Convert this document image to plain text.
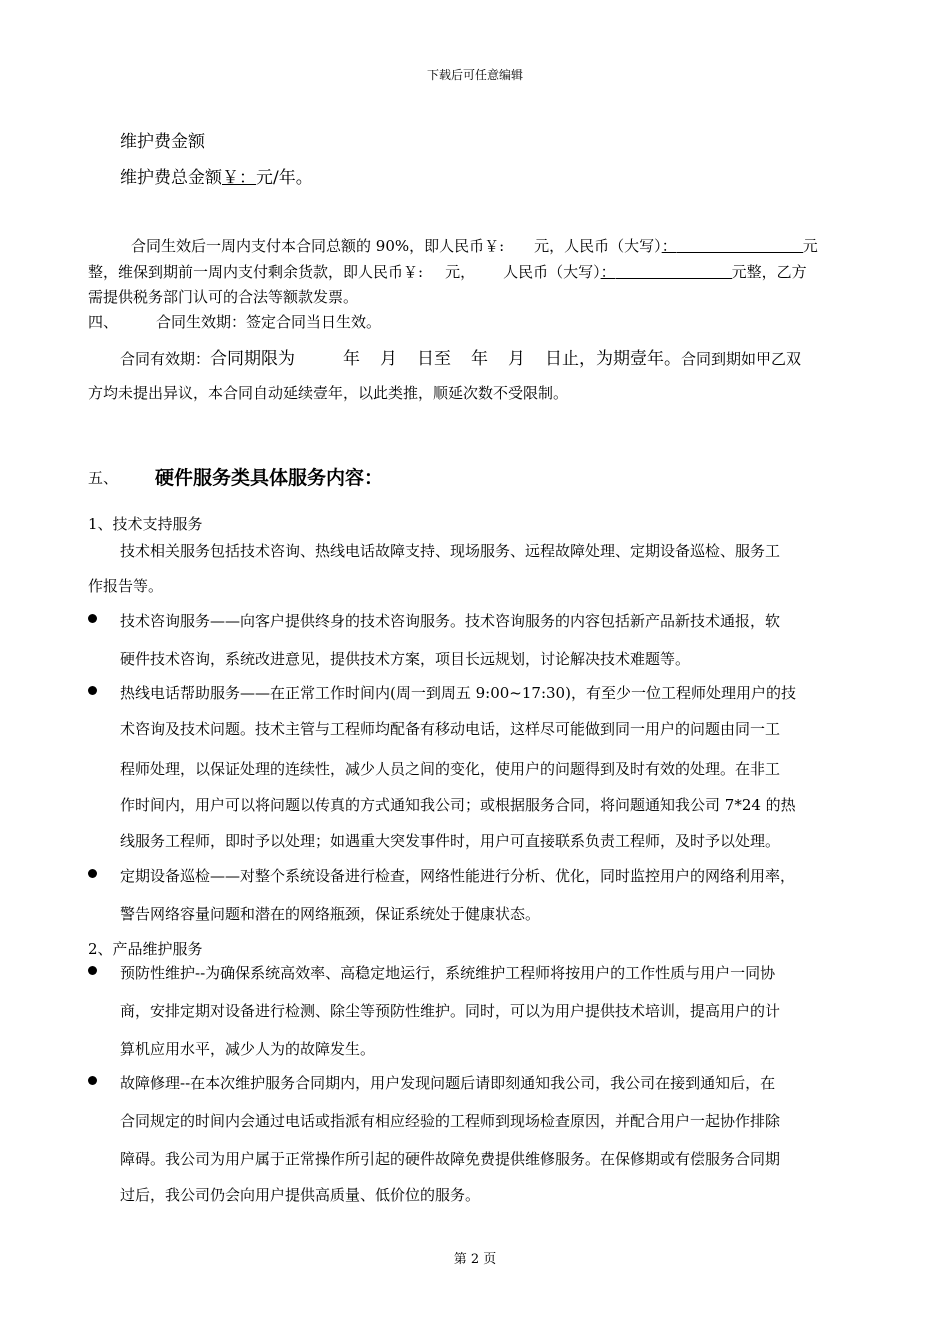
下载后可任意编辑
维护费金额
维护费总金额￥：元/年。
合同生效后一周内支付本合同总额的 90%，即人民币￥: 元，人民币（大写）：	元
整，维保到期前一周内支付剩余货款，即人民币￥: 元， 人民币（大写）：	元整，乙方
需提供税务部门认可的合法等额款发票。
四、	合同生效期：签定合同当日生效。
合同有效期：合同期限为	年 月 日至 年 月 日止，为期壹年。合同到期如甲乙双
方均未提出异议，本合同自动延续壹年，以此类推，顺延次数不受限制。
五、 硬件服务类具体服务内容：
1、技术支持服务
技术相关服务包括技术咨询、热线电话故障支持、现场服务、远程故障处理、定期设备巡检、服务工
作报告等。
技术咨询服务——向客户提供终身的技术咨询服务。技术咨询服务的内容包括新产品新技术通报，软
硬件技术咨询，系统改进意见，提供技术方案，项目长远规划，讨论解决技术难题等。
热线电话帮助服务——在正常工作时间内(周一到周五 9:00~17:30)，有至少一位工程师处理用户的技
术咨询及技术问题。技术主管与工程师均配备有移动电话，这样尽可能做到同一用户的问题由同一工
程师处理，以保证处理的连续性，减少人员之间的变化，使用户的问题得到及时有效的处理。在非工
作时间内，用户可以将问题以传真的方式通知我公司；或根据服务合同，将问题通知我公司 7*24 的热
线服务工程师，即时予以处理；如遇重大突发事件时，用户可直接联系负责工程师，及时予以处理。
定期设备巡检——对整个系统设备进行检查，网络性能进行分析、优化，同时监控用户的网络利用率，
警告网络容量问题和潜在的网络瓶颈，保证系统处于健康状态。
2、产品维护服务
预防性维护--为确保系统高效率、高稳定地运行，系统维护工程师将按用户的工作性质与用户一同协
商，安排定期对设备进行检测、除尘等预防性维护。同时，可以为用户提供技术培训，提高用户的计
算机应用水平，减少人为的故障发生。
故障修理--在本次维护服务合同期内，用户发现问题后请即刻通知我公司，我公司在接到通知后，在
合同规定的时间内会通过电话或指派有相应经验的工程师到现场检查原因，并配合用户一起协作排除
障碍。我公司为用户属于正常操作所引起的硬件故障免费提供维修服务。在保修期或有偿服务合同期
过后，我公司仍会向用户提供高质量、低价位的服务。
第 2 页
